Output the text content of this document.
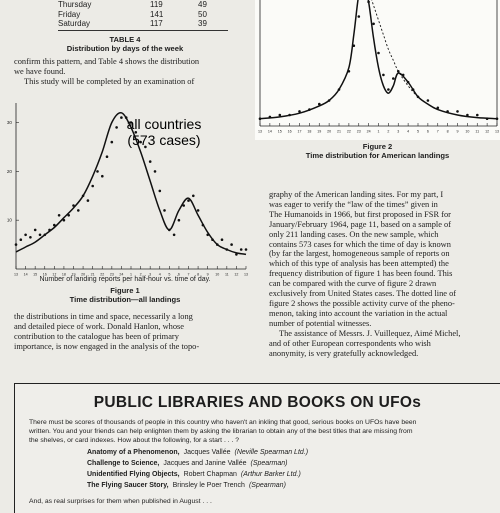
Thursday	119	49
Friday	141	50
Saturday	117	39
TABLE 4
Distribution by days of the week
confirm this pattern, and Table 4 shows the distribution
we have found.
This study will be completed by an examination of
13 14 15 16 17 18 19 20 21 22 23 24 1 2 3 4 5 6 7 8 9 10 11 12 13
10
20
30	all countries
(573 cases)
Number of landing reports per half-hour vs. time of day.
Figure 1
Time distribution—all landings
the distributions in time and space, necessarily a long
and detailed piece of work. Donald Hanlon, whose
contribution to the catalogue has been of primary
importance, is now engaged in the analysis of the topo-
13 14 15 16 17 18 19 20 21 22 23 24 1 2 3 4 5 6 7 8 9 10 11 12 13
Figure 2
Time distribution for American landings
graphy of the American landing sites. For my part, I
was eager to verify the “law of the times” given in
The Humanoids in 1966, but first proposed in FSR for
January/February 1964, page 11, based on a sample of
only 211 landing cases. On the new sample, which
contains 573 cases for which the time of day is known
(by far the largest, homogeneous sample of reports on
which of this type of analysis has been attempted) the
frequency distribution of figure 1 has been found. This
can be compared with the curve of figure 2 drawn
exclusively from United States cases. The dotted line of
figure 2 shows the possible activity curve of the pheno-
menon, taking into account the variation in the actual
number of potential witnesses.
The assistance of Messrs. J. Vuillequez, Aimé Michel,
and of other European correspondents who wish
anonymity, is very gratefully acknowledged.
PUBLIC LIBRARIES AND BOOKS ON UFOs
There must be scores of thousands of people in this country who haven't an inkling that good, serious books on UFOs have been
written. You and your friends can help enlighten them by asking the librarian to obtain any of the best titles that are missing from
the shelves, or card indexes. How about the following, for a start . . . ?
Anatomy of a Phenomenon, Jacques Vallée (Neville Spearman Ltd.)
Challenge to Science, Jacques and Janine Vallée (Spearman)
Unidentified Flying Objects, Robert Chapman (Arthur Barker Ltd.)
The Flying Saucer Story, Brinsley le Poer Trench (Spearman)
And, as real surprises for them when published in August . . .
